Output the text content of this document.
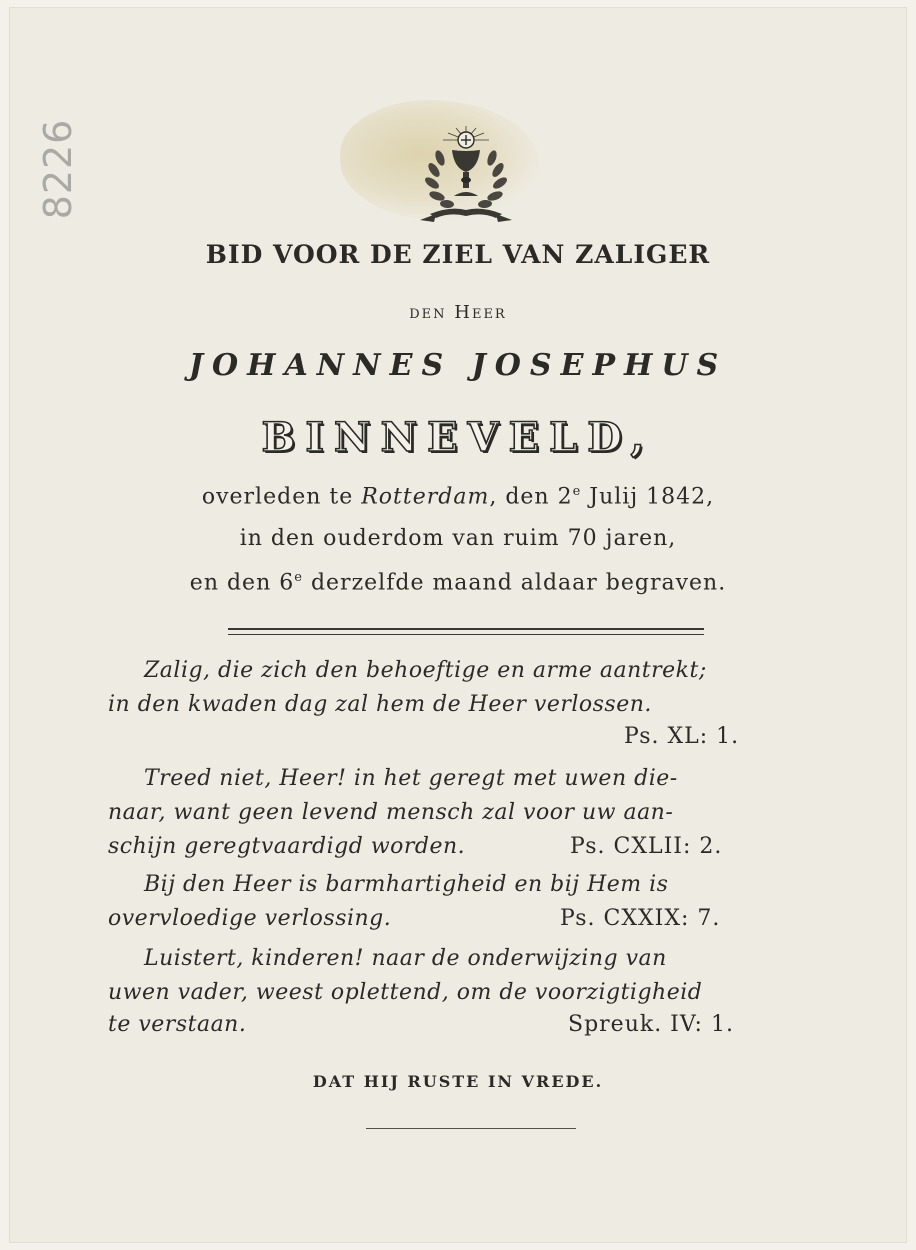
8226
BID VOOR DE ZIEL VAN ZALIGER
den Heer
JOHANNES JOSEPHUS
BINNEVELD,
overleden te Rotterdam, den 2e Julij 1842,
in den ouderdom van ruim 70 jaren,
en den 6e derzelfde maand aldaar begraven.
Zalig, die zich den behoeftige en arme aantrekt;
in den kwaden dag zal hem de Heer verlossen.
Ps. XL: 1.
Treed niet, Heer! in het geregt met uwen die-
naar, want geen levend mensch zal voor uw aan-
schijn geregtvaardigd worden.	Ps. CXLII: 2.
Bij den Heer is barmhartigheid en bij Hem is
overvloedige verlossing.	Ps. CXXIX: 7.
Luistert, kinderen! naar de onderwijzing van
uwen vader, weest oplettend, om de voorzigtigheid
te verstaan.	Spreuk. IV: 1.
DAT HIJ RUSTE IN VREDE.
